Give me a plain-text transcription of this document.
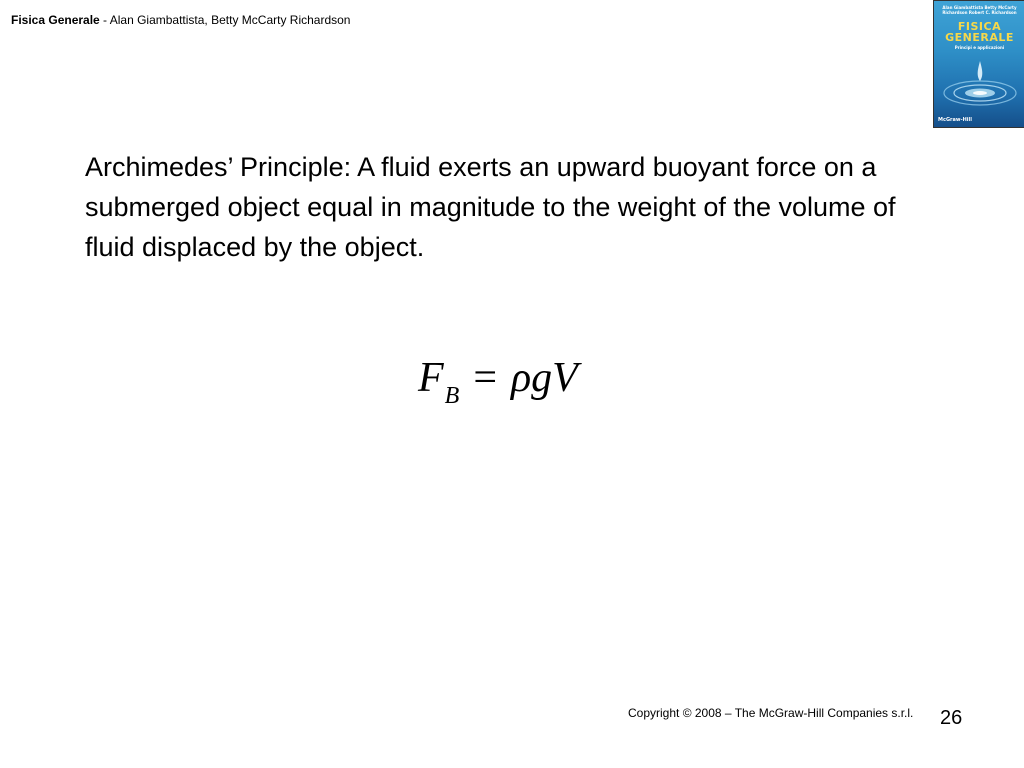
Fisica Generale - Alan Giambattista, Betty McCarty Richardson
Alan Giambattista Betty McCarty Richardson Robert C. Richardson
FISICA
GENERALE
Principi e applicazioni
McGraw-Hill
Archimedes’ Principle: A fluid exerts an upward buoyant force on a submerged object equal in magnitude to the weight of the volume of fluid displaced by the object.
$F_B = \rho gV$
Copyright © 2008 – The McGraw-Hill Companies s.r.l. 26
